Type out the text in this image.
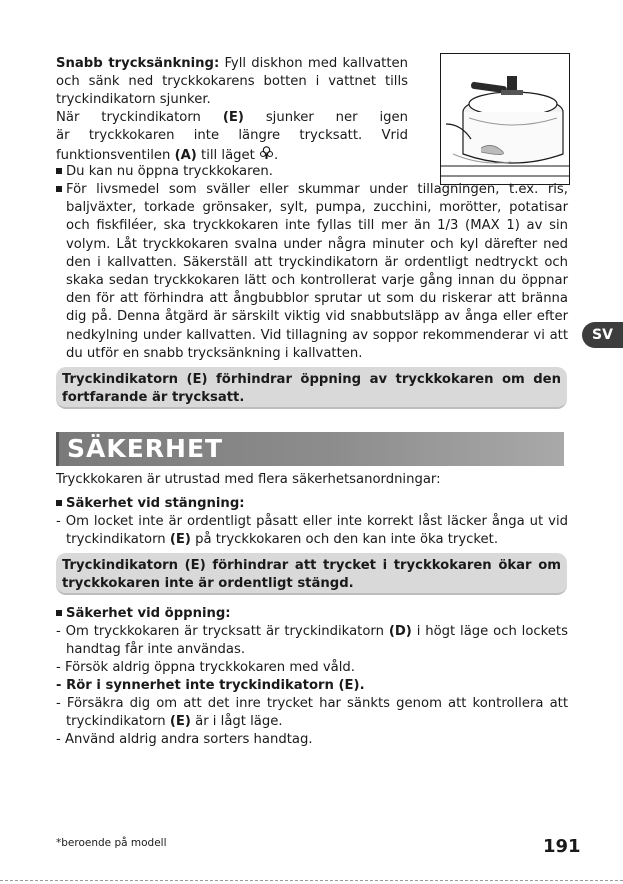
Snabb trycksänkning: Fyll diskhon med kallvatten

och sänk ned tryckkokarens botten i vattnet tills

tryckindikatorn sjunker.

När tryckindikatorn (E) sjunker ner igen

är tryckkokaren inte längre trycksatt. Vrid

funktionsventilen (A) till läget .

Du kan nu öppna tryckkokaren.
För livsmedel som sväller eller skummar under tillagningen, t.ex. ris, baljväxter, torkade grönsaker, sylt, pumpa, zucchini, morötter, potatisar och fiskfiléer, ska tryckkokaren inte fyllas till mer än 1/3 (MAX 1) av sin volym. Låt tryckkokaren svalna under några minuter och kyl därefter ned den i kallvatten. Säkerställ att tryckindikatorn är ordentligt nedtryckt och skaka sedan tryckkokaren lätt och kontrollerat varje gång innan du öppnar den för att förhindra att ångbubblor sprutar ut som du riskerar att bränna dig på. Denna åtgärd är särskilt viktig vid snabbutsläpp av ånga eller efter nedkylning under kallvatten. Vid tillagning av soppor rekommenderar vi att du utför en snabb trycksänkning i kallvatten.
Tryckindikatorn (E) förhindrar öppning av tryckkokaren om den fortfarande är trycksatt.
SÄKERHET

Tryckkokaren är utrustad med flera säkerhetsanordningar:

Säkerhet vid stängning:

- Om locket inte är ordentligt påsatt eller inte korrekt låst läcker ånga ut vid

tryckindikatorn (E) på tryckkokaren och den kan inte öka trycket.

Tryckindikatorn (E) förhindrar att trycket i tryckkokaren ökar om tryckkokaren inte är ordentligt stängd.

Säkerhet vid öppning:

- Om tryckkokaren är trycksatt är tryckindikatorn (D) i högt läge och lockets

handtag får inte användas.

- Försök aldrig öppna tryckkokaren med våld.

- Rör i synnerhet inte tryckindikatorn (E).

- Försäkra dig om att det inre trycket har sänkts genom att kontrollera att

tryckindikatorn (E) är i lågt läge.

- Använd aldrig andra sorters handtag.

SV
*beroende på modell	191
